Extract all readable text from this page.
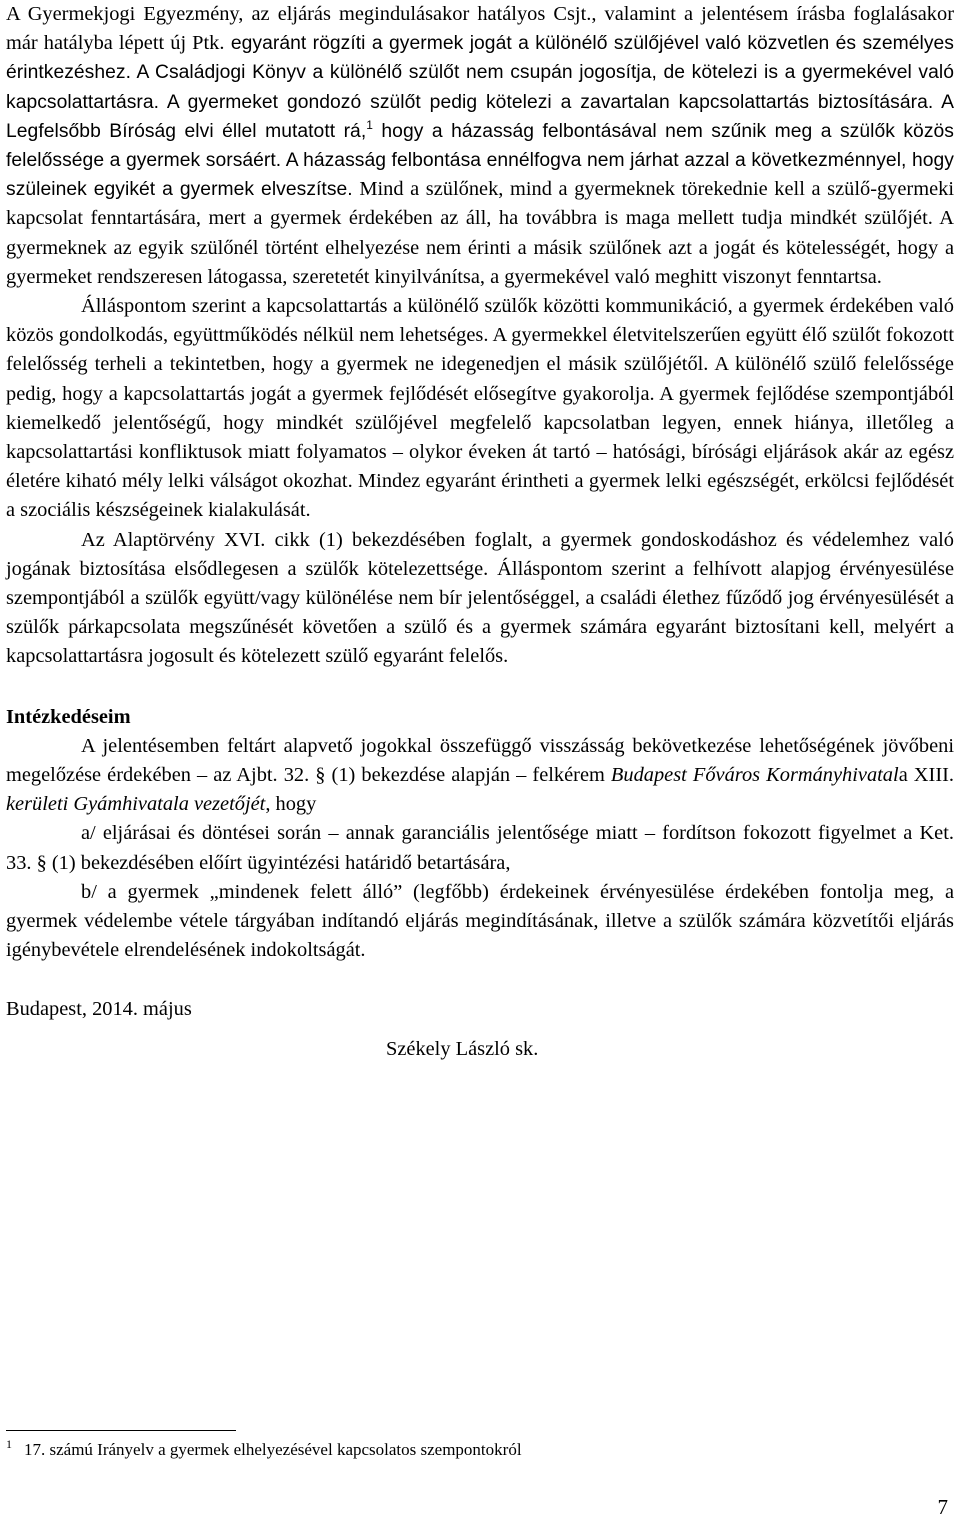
A Gyermekjogi Egyezmény, az eljárás megindulásakor hatályos Csjt., valamint a jelentésem írásba foglalásakor már hatályba lépett új Ptk. egyaránt rögzíti a gyermek jogát a különélő szülőjével való közvetlen és személyes érintkezéshez. A Családjogi Könyv a különélő szülőt nem csupán jogosítja, de kötelezi is a gyermekével való kapcsolattartásra. A gyermeket gondozó szülőt pedig kötelezi a zavartalan kapcsolattartás biztosítására. A Legfelsőbb Bíróság elvi éllel mutatott rá,$^1$ hogy a házasság felbontásával nem szűnik meg a szülők közös felelőssége a gyermek sorsáért. A házasság felbontása ennélfogva nem járhat azzal a következménnyel, hogy szüleinek egyikét a gyermek elveszítse. Mind a szülőnek, mind a gyermeknek törekednie kell a szülő-gyermeki kapcsolat fenntartására, mert a gyermek érdekében az áll, ha továbbra is maga mellett tudja mindkét szülőjét. A gyermeknek az egyik szülőnél történt elhelyezése nem érinti a másik szülőnek azt a jogát és kötelességét, hogy a gyermeket rendszeresen látogassa, szeretetét kinyilvánítsa, a gyermekével való meghitt viszonyt fenntartsa.

Álláspontom szerint a kapcsolattartás a különélő szülők közötti kommunikáció, a gyermek érdekében való közös gondolkodás, együttműködés nélkül nem lehetséges. A gyermekkel életvitelszerűen együtt élő szülőt fokozott felelősség terheli a tekintetben, hogy a gyermek ne idegenedjen el másik szülőjétől. A különélő szülő felelőssége pedig, hogy a kapcsolattartás jogát a gyermek fejlődését elősegítve gyakorolja. A gyermek fejlődése szempontjából kiemelkedő jelentőségű, hogy mindkét szülőjével megfelelő kapcsolatban legyen, ennek hiánya, illetőleg a kapcsolattartási konfliktusok miatt folyamatos – olykor éveken át tartó – hatósági, bírósági eljárások akár az egész életére kiható mély lelki válságot okozhat. Mindez egyaránt érintheti a gyermek lelki egészségét, erkölcsi fejlődését a szociális készségeinek kialakulását.

Az Alaptörvény XVI. cikk (1) bekezdésében foglalt, a gyermek gondoskodáshoz és védelemhez való jogának biztosítása elsődlegesen a szülők kötelezettsége. Álláspontom szerint a felhívott alapjog érvényesülése szempontjából a szülők együtt/vagy különélése nem bír jelentőséggel, a családi élethez fűződő jog érvényesülését a szülők párkapcsolata megszűnését követően a szülő és a gyermek számára egyaránt biztosítani kell, melyért a kapcsolattartásra jogosult és kötelezett szülő egyaránt felelős.

Intézkedéseim

A jelentésemben feltárt alapvető jogokkal összefüggő visszásság bekövetkezése lehetőségének jövőbeni megelőzése érdekében – az Ajbt. 32. § (1) bekezdése alapján – felkérem Budapest Főváros Kormányhivatala XIII. kerületi Gyámhivatala vezetőjét, hogy

a/ eljárásai és döntései során – annak garanciális jelentősége miatt – fordítson fokozott figyelmet a Ket. 33. § (1) bekezdésében előírt ügyintézési határidő betartására,

b/ a gyermek „mindenek felett álló” (legfőbb) érdekeinek érvényesülése érdekében fontolja meg, a gyermek védelembe vétele tárgyában indítandó eljárás megindításának, illetve a szülők számára közvetítői eljárás igénybevétele elrendelésének indokoltságát.

Budapest, 2014. május

Székely László sk.

$^1$ 17. számú Irányelv a gyermek elhelyezésével kapcsolatos szempontokról
7
